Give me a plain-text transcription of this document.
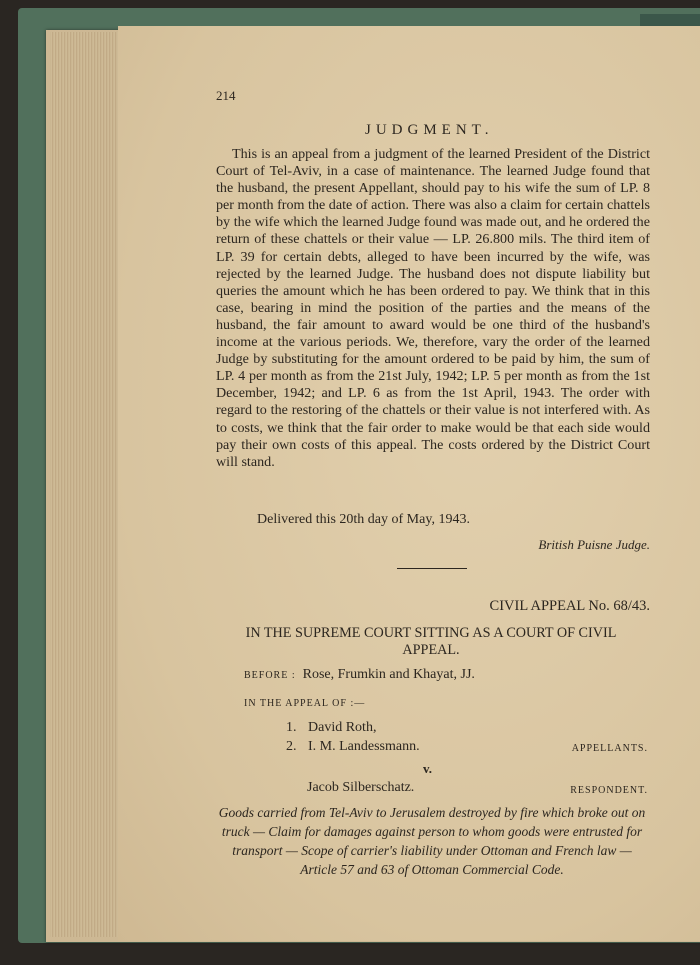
214
JUDGMENT.
This is an appeal from a judgment of the learned President of the District Court of Tel-Aviv, in a case of maintenance. The learned Judge found that the husband, the present Appellant, should pay to his wife the sum of LP. 8 per month from the date of action. There was also a claim for certain chattels by the wife which the learned Judge found was made out, and he ordered the return of these chattels or their value — LP. 26.800 mils. The third item of LP. 39 for certain debts, alleged to have been incurred by the wife, was rejected by the learned Judge. The husband does not dispute liability but queries the amount which he has been ordered to pay. We think that in this case, bearing in mind the position of the parties and the means of the husband, the fair amount to award would be one third of the husband's income at the various periods. We, therefore, vary the order of the learned Judge by substituting for the amount ordered to be paid by him, the sum of LP. 4 per month as from the 21st July, 1942; LP. 5 per month as from the 1st December, 1942; and LP. 6 as from the 1st April, 1943. The order with regard to the restoring of the chattels or their value is not interfered with. As to costs, we think that the fair order to make would be that each side would pay their own costs of this appeal. The costs ordered by the District Court will stand.
Delivered this 20th day of May, 1943.
British Puisne Judge.
CIVIL APPEAL No. 68/43.
IN THE SUPREME COURT SITTING AS A COURT OF CIVIL APPEAL.
BEFORE : Rose, Frumkin and Khayat, JJ.
IN THE APPEAL OF :—
1. David Roth,
2. I. M. Landessmann.	APPELLANTS.
v.
Jacob Silberschatz.	RESPONDENT.
Goods carried from Tel-Aviv to Jerusalem destroyed by fire which broke out on truck — Claim for damages against person to whom goods were entrusted for transport — Scope of carrier's liability under Ottoman and French law — Article 57 and 63 of Ottoman Commercial Code.
